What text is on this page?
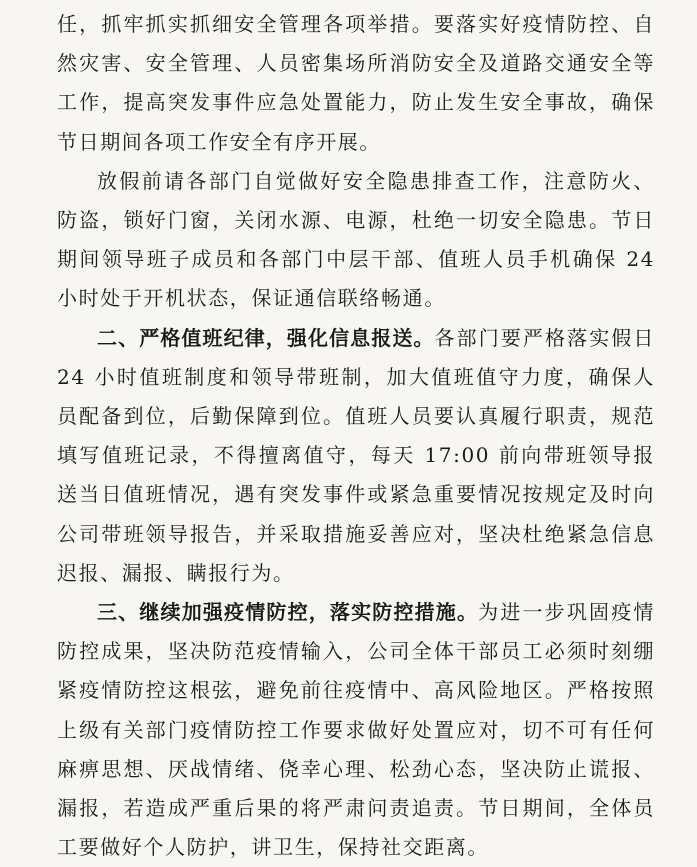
任，抓牢抓实抓细安全管理各项举措。要落实好疫情防控、自然灾害、安全管理、人员密集场所消防安全及道路交通安全等工作，提高突发事件应急处置能力，防止发生安全事故，确保节日期间各项工作安全有序开展。

放假前请各部门自觉做好安全隐患排查工作，注意防火、防盗，锁好门窗，关闭水源、电源，杜绝一切安全隐患。节日期间领导班子成员和各部门中层干部、值班人员手机确保 24 小时处于开机状态，保证通信联络畅通。

二、严格值班纪律，强化信息报送。各部门要严格落实假日 24 小时值班制度和领导带班制，加大值班值守力度，确保人员配备到位，后勤保障到位。值班人员要认真履行职责，规范填写值班记录，不得擅离值守，每天 17:00 前向带班领导报送当日值班情况，遇有突发事件或紧急重要情况按规定及时向公司带班领导报告，并采取措施妥善应对，坚决杜绝紧急信息迟报、漏报、瞒报行为。

三、继续加强疫情防控，落实防控措施。为进一步巩固疫情防控成果，坚决防范疫情输入，公司全体干部员工必须时刻绷紧疫情防控这根弦，避免前往疫情中、高风险地区。严格按照上级有关部门疫情防控工作要求做好处置应对，切不可有任何麻痹思想、厌战情绪、侥幸心理、松劲心态，坚决防止谎报、漏报，若造成严重后果的将严肃问责追责。节日期间，全体员工要做好个人防护，讲卫生，保持社交距离。
